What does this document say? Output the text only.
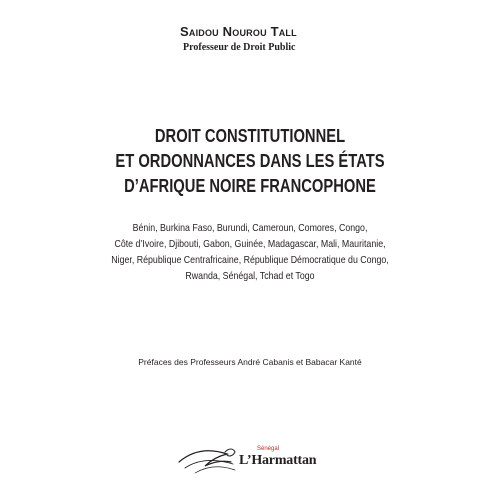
Saidou Nourou Tall
Professeur de Droit Public
DROIT CONSTITUTIONNEL
ET ORDONNANCES DANS LES ÉTATS
D’AFRIQUE NOIRE FRANCOPHONE
Bénin, Burkina Faso, Burundi, Cameroun, Comores, Congo,
Côte d’Ivoire, Djibouti, Gabon, Guinée, Madagascar, Mali, Mauritanie,
Niger, République Centrafricaine, République Démocratique du Congo,
Rwanda, Sénégal, Tchad et Togo
Préfaces des Professeurs André Cabanis et Babacar Kanté
Sénégal
L’Harmattan
